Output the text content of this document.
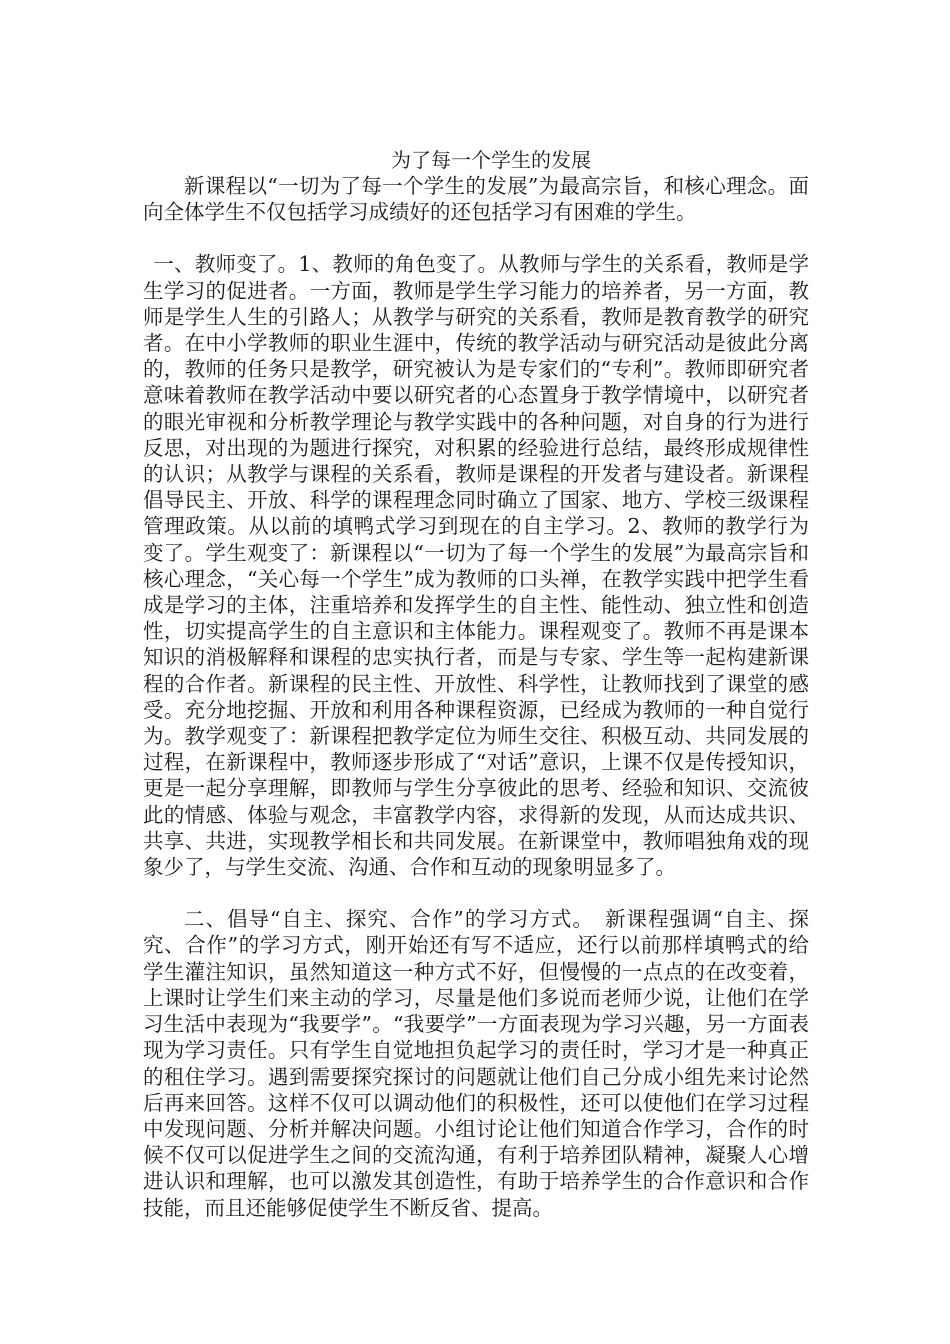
为了每一个学生的发展

新课程以“一切为了每一个学生的发展”为最高宗旨，和核心理念。面向全体学生不仅包括学习成绩好的还包括学习有困难的学生。

一、教师变了。1、教师的角色变了。从教师与学生的关系看，教师是学生学习的促进者。一方面，教师是学生学习能力的培养者，另一方面，教师是学生人生的引路人；从教学与研究的关系看，教师是教育教学的研究者。在中小学教师的职业生涯中，传统的教学活动与研究活动是彼此分离的，教师的任务只是教学，研究被认为是专家们的“专利”。教师即研究者意味着教师在教学活动中要以研究者的心态置身于教学情境中，以研究者的眼光审视和分析教学理论与教学实践中的各种问题，对自身的行为进行反思，对出现的为题进行探究，对积累的经验进行总结，最终形成规律性的认识；从教学与课程的关系看，教师是课程的开发者与建设者。新课程倡导民主、开放、科学的课程理念同时确立了国家、地方、学校三级课程管理政策。从以前的填鸭式学习到现在的自主学习。2、教师的教学行为变了。学生观变了：新课程以“一切为了每一个学生的发展”为最高宗旨和核心理念，“关心每一个学生”成为教师的口头禅，在教学实践中把学生看成是学习的主体，注重培养和发挥学生的自主性、能性动、独立性和创造性，切实提高学生的自主意识和主体能力。课程观变了。教师不再是课本知识的消极解释和课程的忠实执行者，而是与专家、学生等一起构建新课程的合作者。新课程的民主性、开放性、科学性，让教师找到了课堂的感受。充分地挖掘、开放和利用各种课程资源，已经成为教师的一种自觉行为。教学观变了：新课程把教学定位为师生交往、积极互动、共同发展的过程，在新课程中，教师逐步形成了“对话”意识，上课不仅是传授知识，更是一起分享理解，即教师与学生分享彼此的思考、经验和知识、交流彼此的情感、体验与观念，丰富教学内容，求得新的发现，从而达成共识、共享、共进，实现教学相长和共同发展。在新课堂中，教师唱独角戏的现象少了，与学生交流、沟通、合作和互动的现象明显多了。

二、倡导“自主、探究、合作”的学习方式。　新课程强调“自主、探究、合作”的学习方式，刚开始还有写不适应，还行以前那样填鸭式的给学生灌注知识，虽然知道这一种方式不好，但慢慢的一点点的在改变着，上课时让学生们来主动的学习，尽量是他们多说而老师少说，让他们在学习生活中表现为“我要学”。“我要学”一方面表现为学习兴趣，另一方面表现为学习责任。只有学生自觉地担负起学习的责任时，学习才是一种真正的租住学习。遇到需要探究探讨的问题就让他们自己分成小组先来讨论然后再来回答。这样不仅可以调动他们的积极性，还可以使他们在学习过程中发现问题、分析并解决问题。小组讨论让他们知道合作学习，合作的时候不仅可以促进学生之间的交流沟通，有利于培养团队精神，凝聚人心增进认识和理解，也可以激发其创造性，有助于培养学生的合作意识和合作技能，而且还能够促使学生不断反省、提高。
